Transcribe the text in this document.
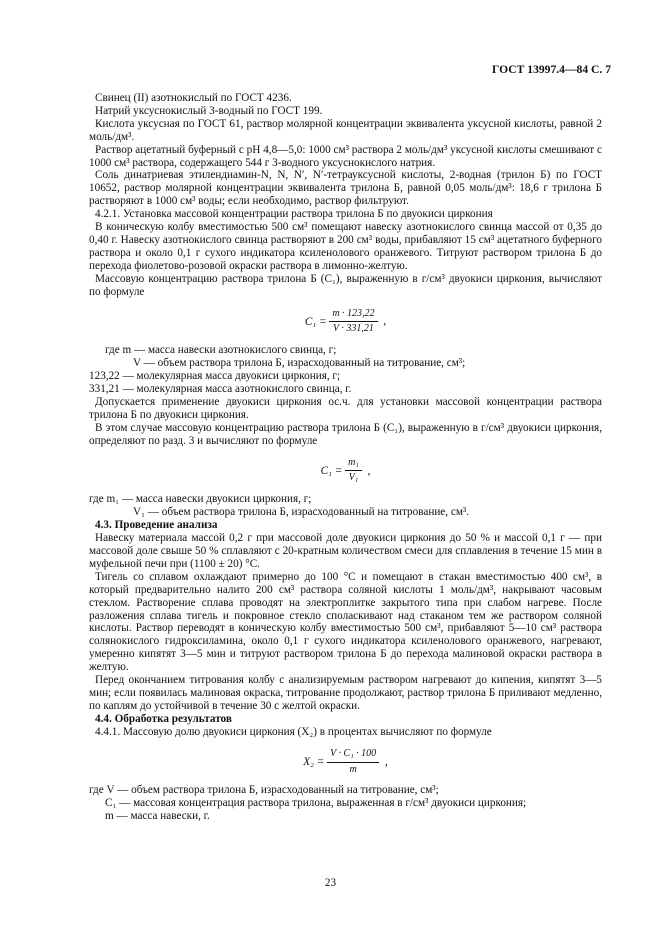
ГОСТ 13997.4—84 С. 7

Свинец (II) азотнокислый по ГОСТ 4236.

Натрий уксуснокислый 3-водный по ГОСТ 199.

Кислота уксусная по ГОСТ 61, раствор молярной концентрации эквивалента уксусной кислоты, равной 2 моль/дм³.

Раствор ацетатный буферный с рН 4,8—5,0: 1000 см³ раствора 2 моль/дм³ уксусной кислоты смешивают с 1000 см³ раствора, содержащего 544 г 3-водного уксуснокислого натрия.

Соль динатриевая этилендиамин-N, N, N′, N′-тетрауксусной кислоты, 2-водная (трилон Б) по ГОСТ 10652, раствор молярной концентрации эквивалента трилона Б, равной 0,05 моль/дм³: 18,6 г трилона Б растворяют в 1000 см³ воды; если необходимо, раствор фильтруют.

4.2.1. Установка массовой концентрации раствора трилона Б по двуокиси циркония

В коническую колбу вместимостью 500 см³ помещают навеску азотнокислого свинца массой от 0,35 до 0,40 г. Навеску азотнокислого свинца растворяют в 200 см³ воды, прибавляют 15 см³ ацетатного буферного раствора и около 0,1 г сухого индикатора ксиленолового оранжевого. Титруют раствором трилона Б до перехода фиолетово-розовой окраски раствора в лимонно-желтую.

Массовую концентрацию раствора трилона Б (C₁), выраженную в г/см³ двуокиси циркония, вычисляют по формуле

$C_1 = \frac{m \cdot 123,22}{V \cdot 331,21}$ ,

где m — масса навески азотнокислого свинца, г;

V — объем раствора трилона Б, израсходованный на титрование, см³;

123,22 — молекулярная масса двуокиси циркония, г;

331,21 — молекулярная масса азотнокислого свинца, г.

Допускается применение двуокиси циркония ос.ч. для установки массовой концентрации раствора трилона Б по двуокиси циркония.

В этом случае массовую концентрацию раствора трилона Б (C₁), выраженную в г/см³ двуокиси циркония, определяют по разд. 3 и вычисляют по формуле

$C_1 = \frac{\text{m₁}}{\text{V₁}}$ ,

где m₁ — масса навески двуокиси циркония, г;

V₁ — объем раствора трилона Б, израсходованный на титрование, см³.

4.3. Проведение анализа

Навеску материала массой 0,2 г при массовой доле двуокиси циркония до 50 % и массой 0,1 г — при массовой доле свыше 50 % сплавляют с 20-кратным количеством смеси для сплавления в течение 15 мин в муфельной печи при (1100 ± 20) °С.

Тигель со сплавом охлаждают примерно до 100 °С и помещают в стакан вместимостью 400 см³, в который предварительно налито 200 см³ раствора соляной кислоты 1 моль/дм³, накрывают часовым стеклом. Растворение сплава проводят на электроплитке закрытого типа при слабом нагреве. После разложения сплава тигель и покровное стекло споласкивают над стаканом тем же раствором соляной кислоты. Раствор переводят в коническую колбу вместимостью 500 см³, прибавляют 5—10 см³ раствора солянокислого гидроксиламина, около 0,1 г сухого индикатора ксиленолового оранжевого, нагревают, умеренно кипятят 3—5 мин и титруют раствором трилона Б до перехода малиновой окраски раствора в желтую.

Перед окончанием титрования колбу с анализируемым раствором нагревают до кипения, кипятят 3—5 мин; если появилась малиновая окраска, титрование продолжают, раствор трилона Б приливают медленно, по каплям до устойчивой в течение 30 с желтой окраски.

4.4. Обработка результатов

4.4.1. Массовую долю двуокиси циркония (X₂) в процентах вычисляют по формуле

$X_2 = \frac{\text{V · C₁ · 100}}{m}$ ,

где V — объем раствора трилона Б, израсходованный на титрование, см³;

C₁ — массовая концентрация раствора трилона, выраженная в г/см³ двуокиси циркония;

m — масса навески, г.

23
